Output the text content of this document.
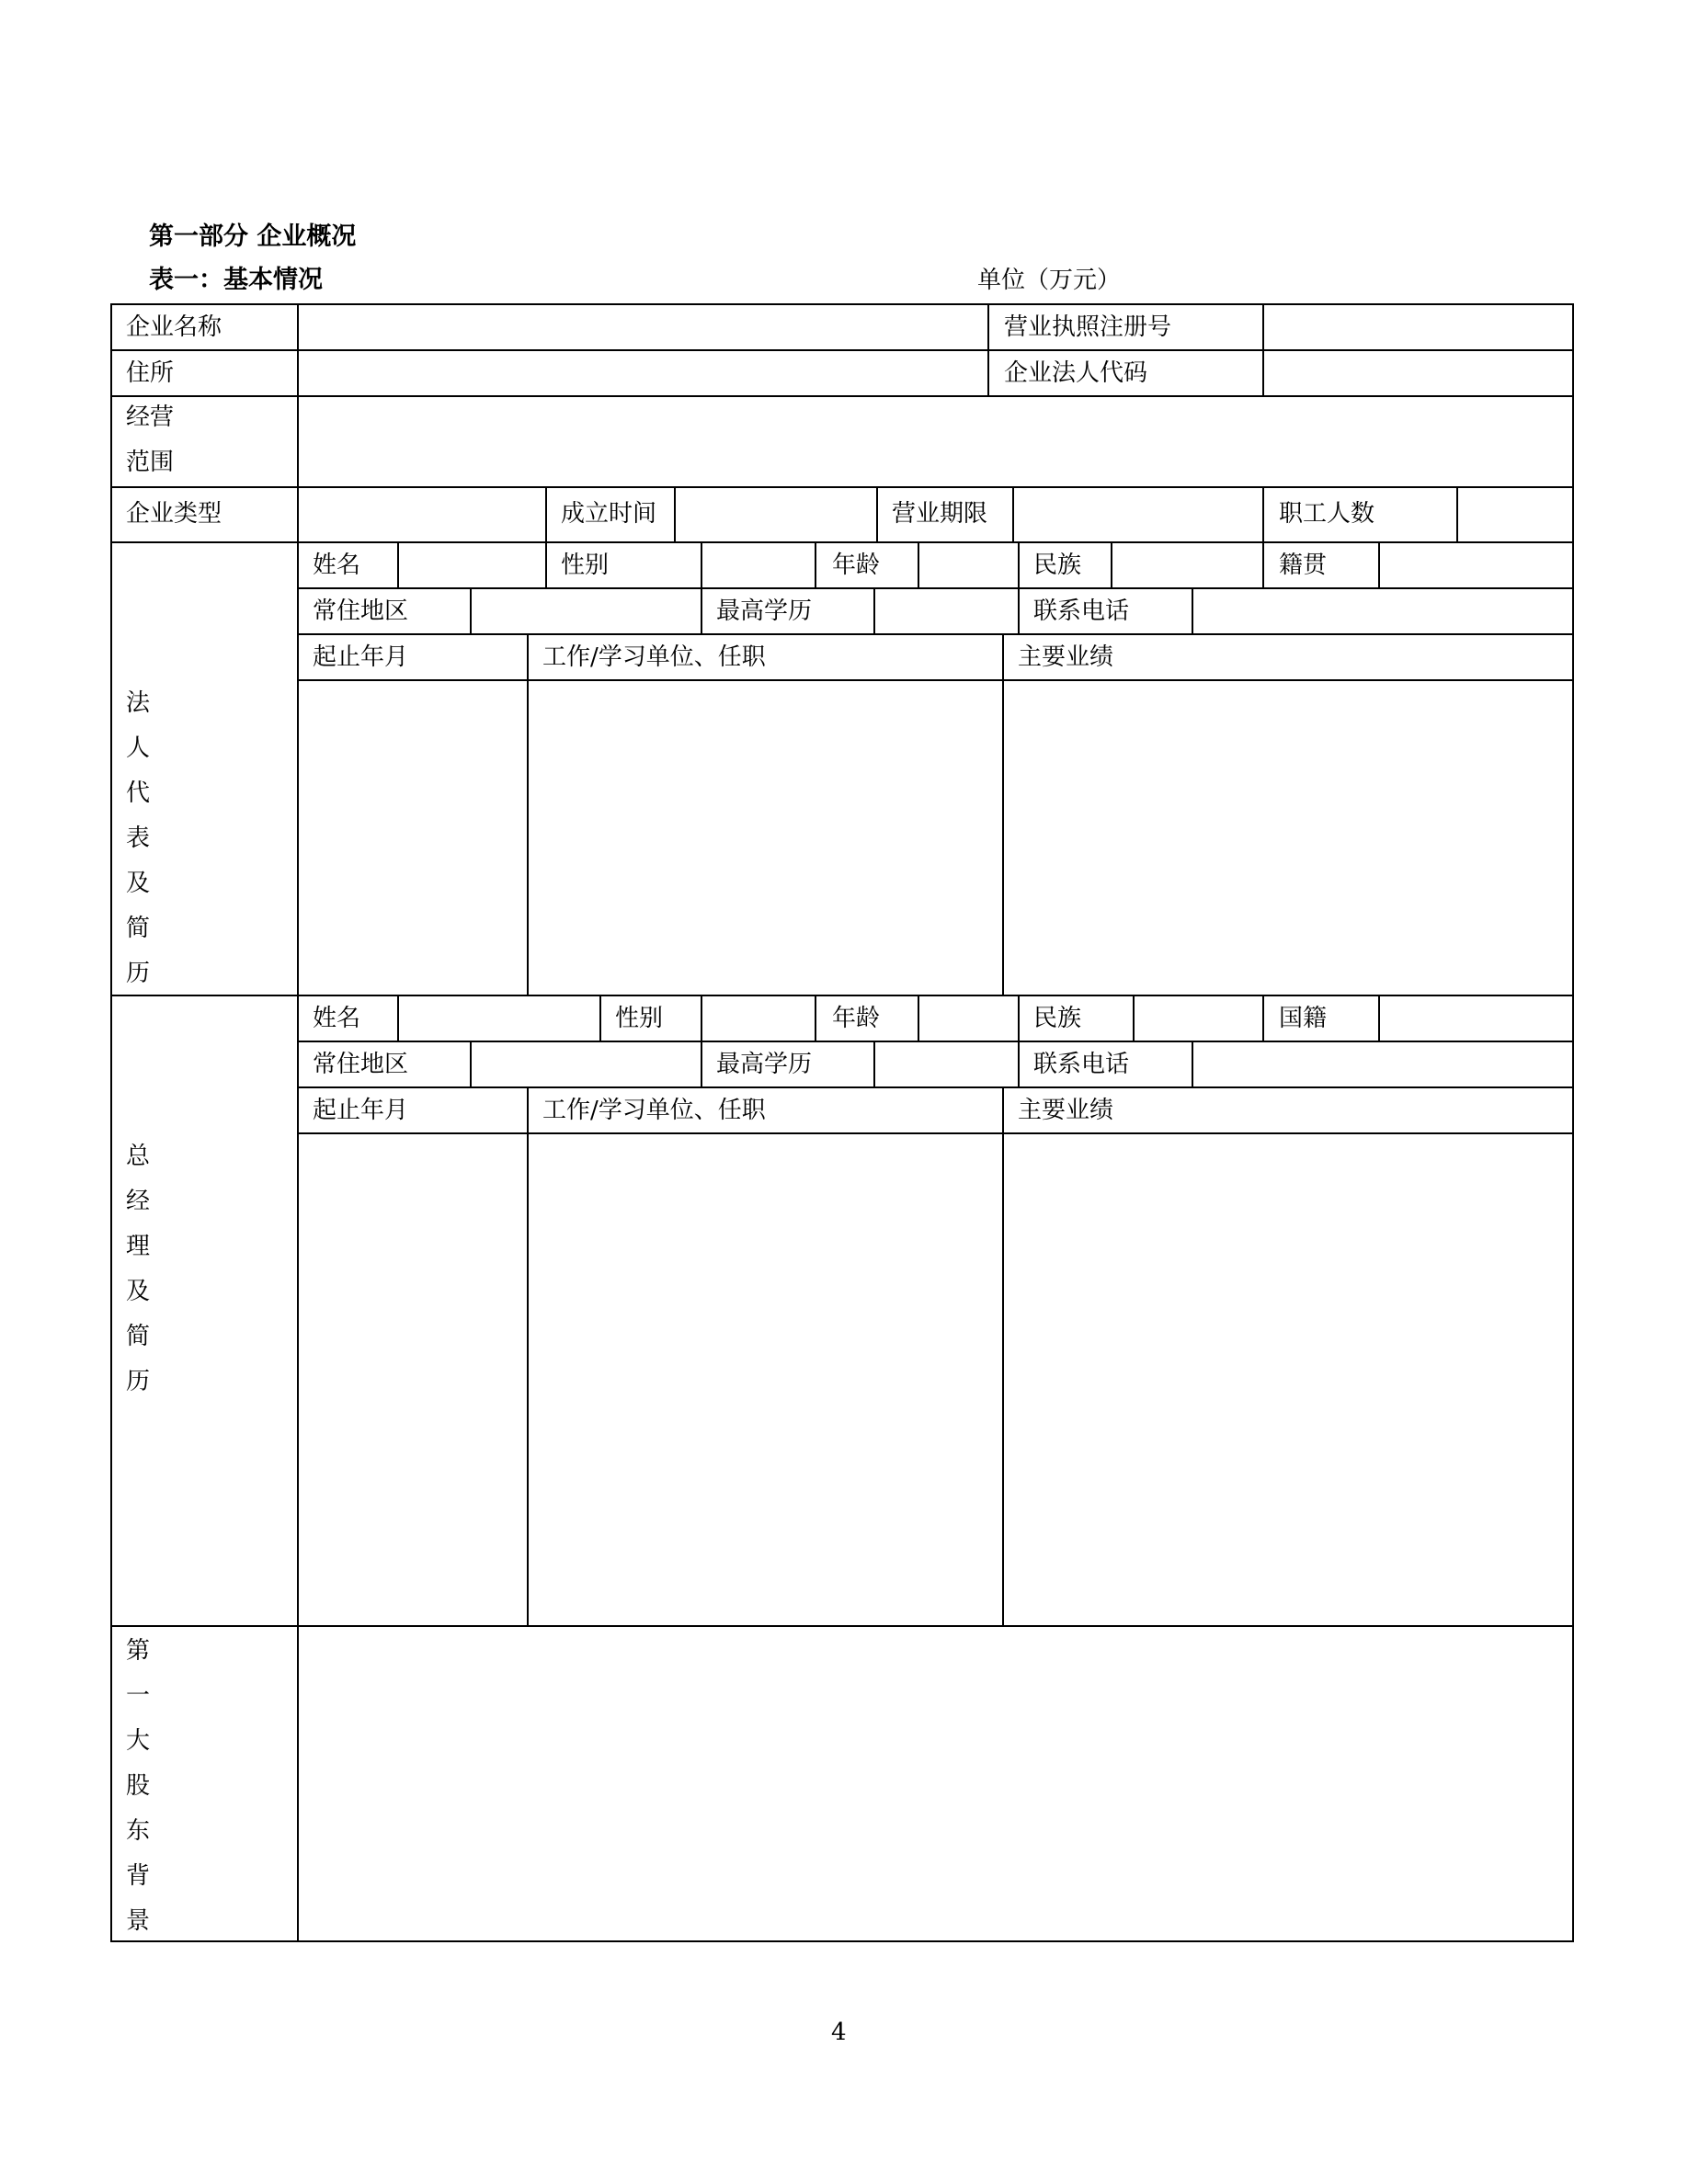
第一部分 企业概况
表一：基本情况	单位（万元）
企业名称	营业执照注册号
住所	企业法人代码
经营
范围
企业类型	成立时间	营业期限	职工人数
法
人
代
表
及
简
历
姓名	性别	年龄	民族	籍贯
常住地区	最高学历	联系电话
起止年月	工作/学习单位、任职	主要业绩
总
经
理
及
简
历
姓名	性别	年龄	民族	国籍
常住地区	最高学历	联系电话
起止年月	工作/学习单位、任职	主要业绩
第
一
大
股
东
背
景
4
